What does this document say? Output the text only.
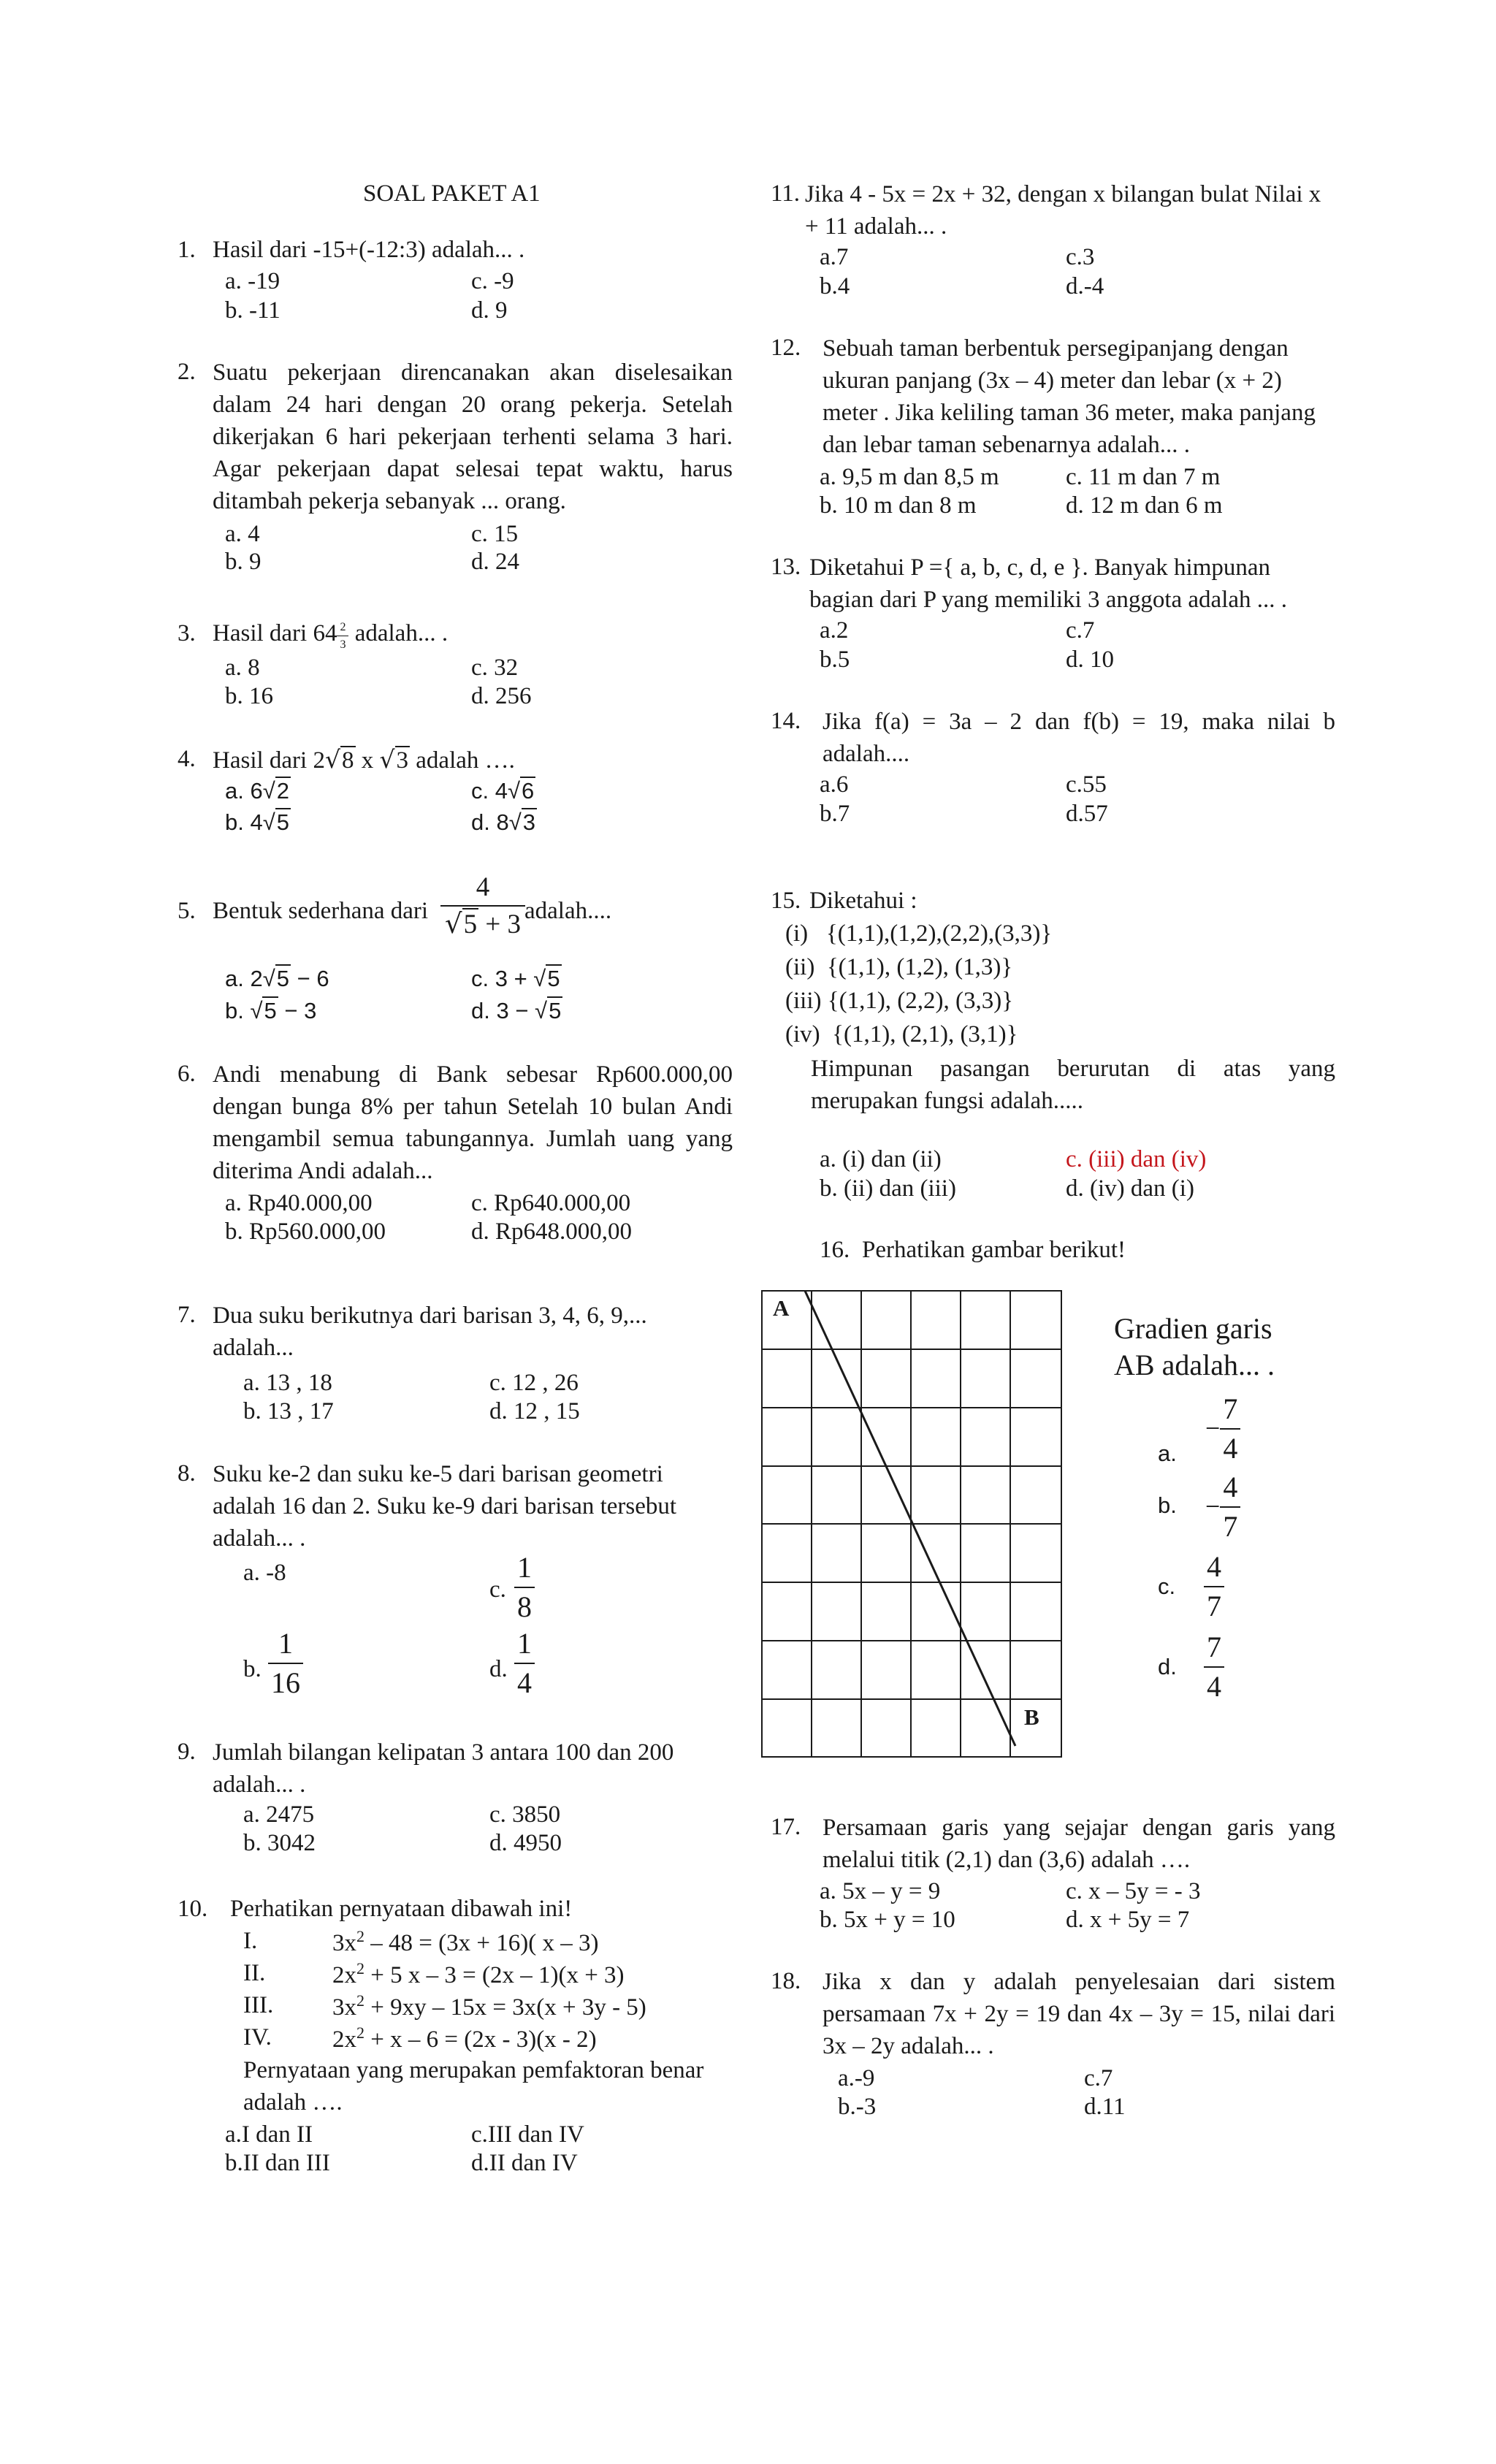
SOAL PAKET A1
1. Hasil dari -15+(-12:3) adalah... .
a. -19
b. -11
c. -9
d. 9
2. Suatu pekerjaan direncanakan akan diselesaikan dalam 24 hari dengan 20 orang pekerja. Setelah dikerjakan 6 hari pekerjaan terhenti selama 3 hari. Agar pekerjaan dapat selesai tepat waktu, harus ditambah pekerja sebanyak ... orang.
a. 4
b. 9
c. 15
d. 24
3. Hasil dari $64 \frac{2}{3}$ adalah... .
a. 8
b. 16
c. 32
d. 256
4. Hasil dari 2√8 x √3 adalah ….
a. 6√2
b. 4√5
c. 4√6
d. 8√3
5. Bentuk sederhana dari $\frac{4}{√5 + 3}$ adalah....
a. 2√5 − 6
b. √5 − 3
c. 3 + √5
d. 3 − √5
6. Andi menabung di Bank sebesar Rp600.000,00 dengan bunga 8% per tahun Setelah 10 bulan Andi mengambil semua tabungannya. Jumlah uang yang diterima Andi adalah...
a. Rp40.000,00
b. Rp560.000,00
c. Rp640.000,00
d. Rp648.000,00
7. Dua suku berikutnya dari barisan 3, 4, 6, 9,... adalah...
a. 13 , 18
b. 13 , 17
c. 12 , 26
d. 12 , 15
8. Suku ke-2 dan suku ke-5 dari barisan geometri adalah 16 dan 2. Suku ke-9 dari barisan tersebut adalah... .
a. -8
c. $\frac{1}{8}$
b. $\frac{1}{16}$	d. $\frac{1}{4}$
9. Jumlah bilangan kelipatan 3 antara 100 dan 200 adalah... .
a. 2475
b. 3042
c. 3850
d. 4950
10. Perhatikan pernyataan dibawah ini!
I.	$3x^2 - 48 = (3x + 16)$( x – 3)
II.	$2x^2 + 5$ x – 3 = (2x – 1)(x + 3)
III. $3x^2 + 9xy - 15x = 3x(x + 3y - 5)$
IV.	$2x^2 + x - 6 = (2x - 3)(x - 2)$
Pernyataan yang merupakan pemfaktoran benar adalah ….
a.I dan II
b.II dan III
c.III dan IV
d.II dan IV
11. Jika 4 - 5x = 2x + 32, dengan x bilangan bulat Nilai x + 11 adalah... .
a.7
b.4
c.3
d.-4
12. Sebuah taman berbentuk persegipanjang dengan ukuran panjang (3x – 4) meter dan lebar (x + 2) meter . Jika keliling taman 36 meter, maka panjang dan lebar taman sebenarnya adalah... .
a. 9,5 m dan 8,5 m
b. 10 m dan 8 m
c. 11 m dan 7 m
d. 12 m dan 6 m
13. Diketahui P ={ a, b, c, d, e }. Banyak himpunan bagian dari P yang memiliki 3 anggota adalah ... .
a.2
b.5
c.7
d. 10
14. Jika f(a) = 3a – 2 dan f(b) = 19, maka nilai b adalah....
a.6
b.7
c.55
d.57
15. Diketahui :
(i)   {(1,1),(1,2),(2,2),(3,3)}
(ii)  {(1,1), (1,2), (1,3)}
(iii) {(1,1), (2,2), (3,3)}
(iv)  {(1,1), (2,1), (3,1)}
Himpunan pasangan berurutan di atas yang merupakan fungsi adalah.....
a. (i) dan (ii)
b. (ii) dan (iii)
c. (iii) dan (iv)
d. (iv) dan (i)
16. Perhatikan gambar berikut!
A
B
Gradien garis
AB adalah... .
a.
− $\frac{7}{4}$
b. − $\frac{4}{7}$
c. $\frac{4}{7}$
d. $\frac{7}{4}$
17. Persamaan garis yang sejajar dengan garis yang melalui titik (2,1) dan (3,6) adalah ….
a. 5x – y = 9
b. 5x + y = 10
c. x – 5y = - 3
d. x + 5y = 7
18. Jika x dan y adalah penyelesaian dari sistem persamaan 7x + 2y = 19 dan 4x – 3y = 15, nilai dari 3x – 2y adalah... .
a.-9
b.-3
c.7
d.11
